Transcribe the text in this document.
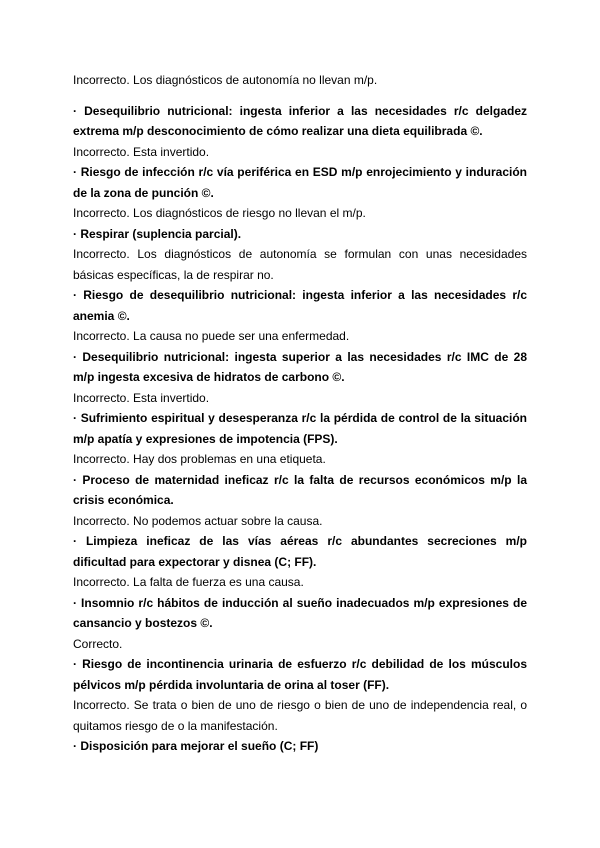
Incorrecto. Los diagnósticos de autonomía no llevan m/p.

· Desequilibrio nutricional: ingesta inferior a las necesidades r/c delgadez extrema m/p desconocimiento de cómo realizar una dieta equilibrada ©.

Incorrecto. Esta invertido.

· Riesgo de infección r/c vía periférica en ESD m/p enrojecimiento y induración de la zona de punción ©.

Incorrecto. Los diagnósticos de riesgo no llevan el m/p.

· Respirar (suplencia parcial).

Incorrecto. Los diagnósticos de autonomía se formulan con unas necesidades básicas específicas, la de respirar no.

· Riesgo de desequilibrio nutricional: ingesta inferior a las necesidades r/c anemia ©.

Incorrecto. La causa no puede ser una enfermedad.

· Desequilibrio nutricional: ingesta superior a las necesidades r/c IMC de 28 m/p ingesta excesiva de hidratos de carbono ©.

Incorrecto. Esta invertido.

· Sufrimiento espiritual y desesperanza r/c la pérdida de control de la situación m/p apatía y expresiones de impotencia (FPS).

Incorrecto. Hay dos problemas en una etiqueta.

· Proceso de maternidad ineficaz r/c la falta de recursos económicos m/p la crisis económica.

Incorrecto. No podemos actuar sobre la causa.

· Limpieza ineficaz de las vías aéreas r/c abundantes secreciones m/p dificultad para expectorar y disnea (C; FF).

Incorrecto. La falta de fuerza es una causa.

· Insomnio r/c hábitos de inducción al sueño inadecuados m/p expresiones de cansancio y bostezos ©.

Correcto.

· Riesgo de incontinencia urinaria de esfuerzo r/c debilidad de los músculos pélvicos m/p pérdida involuntaria de orina al toser (FF).

Incorrecto. Se trata o bien de uno de riesgo o bien de uno de independencia real, o quitamos riesgo de o la manifestación.

· Disposición para mejorar el sueño (C; FF)
